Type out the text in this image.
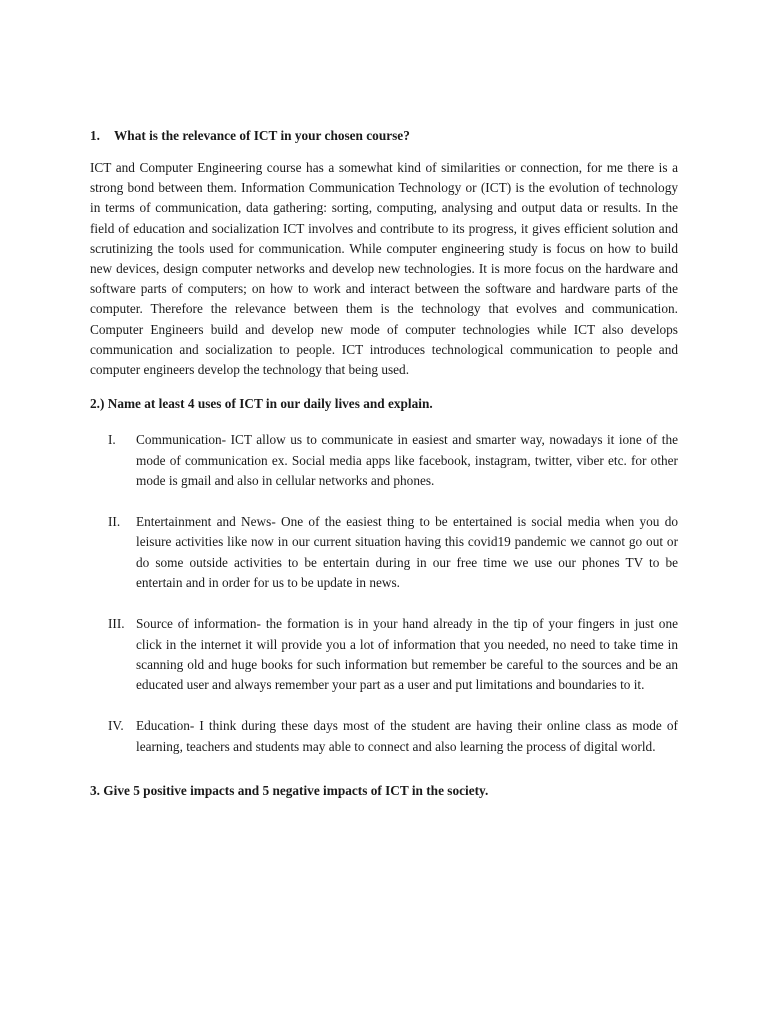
1. What is the relevance of ICT in your chosen course?

ICT and Computer Engineering course has a somewhat kind of similarities or connection, for me there is a strong bond between them. Information Communication Technology or (ICT) is the evolution of technology in terms of communication, data gathering: sorting, computing, analysing and output data or results. In the field of education and socialization ICT involves and contribute to its progress, it gives efficient solution and scrutinizing the tools used for communication. While computer engineering study is focus on how to build new devices, design computer networks and develop new technologies. It is more focus on the hardware and software parts of computers; on how to work and interact between the software and hardware parts of the computer. Therefore the relevance between them is the technology that evolves and communication. Computer Engineers build and develop new mode of computer technologies while ICT also develops communication and socialization to people. ICT introduces technological communication to people and computer engineers develop the technology that being used.

2.) Name at least 4 uses of ICT in our daily lives and explain.

I.	Communication- ICT allow us to communicate in easiest and smarter way, nowadays it ione of the mode of communication ex. Social media apps like facebook, instagram, twitter, viber etc. for other mode is gmail and also in cellular networks and phones.
II.	Entertainment and News- One of the easiest thing to be entertained is social media when you do leisure activities like now in our current situation having this covid19 pandemic we cannot go out or do some outside activities to be entertain during in our free time we use our phones TV to be entertain and in order for us to be update in news.
III. Source of information- the formation is in your hand already in the tip of your fingers in just one click in the internet it will provide you a lot of information that you needed, no need to take time in scanning old and huge books for such information but remember be careful to the sources and be an educated user and always remember your part as a user and put limitations and boundaries to it.
IV. Education- I think during these days most of the student are having their online class as mode of learning, teachers and students may able to connect and also learning the process of digital world.

3. Give 5 positive impacts and 5 negative impacts of ICT in the society.
